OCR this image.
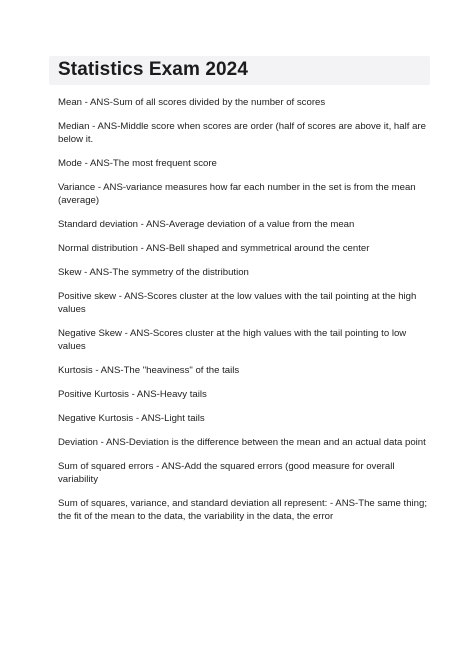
Statistics Exam 2024
Mean - ANS-Sum of all scores divided by the number of scores
Median - ANS-Middle score when scores are order (half of scores are above it, half are below it.
Mode - ANS-The most frequent score
Variance - ANS-variance measures how far each number in the set is from the mean (average)
Standard deviation - ANS-Average deviation of a value from the mean
Normal distribution - ANS-Bell shaped and symmetrical around the center
Skew - ANS-The symmetry of the distribution
Positive skew - ANS-Scores cluster at the low values with the tail pointing at the high values
Negative Skew - ANS-Scores cluster at the high values with the tail pointing to low values
Kurtosis - ANS-The "heaviness" of the tails
Positive Kurtosis - ANS-Heavy tails
Negative Kurtosis - ANS-Light tails
Deviation - ANS-Deviation is the difference between the mean and an actual data point
Sum of squared errors - ANS-Add the squared errors (good measure for overall variability
Sum of squares, variance, and standard deviation all represent: - ANS-The same thing; the fit of the mean to the data, the variability in the data, the error
